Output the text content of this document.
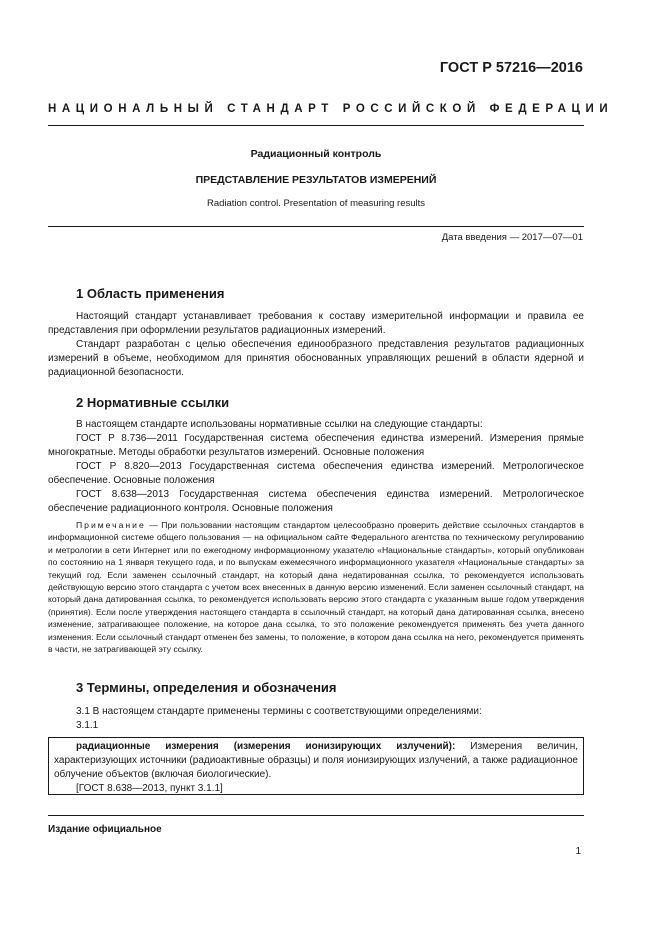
ГОСТ Р 57216—2016
НАЦИОНАЛЬНЫЙ СТАНДАРТ РОССИЙСКОЙ ФЕДЕРАЦИИ
Радиационный контроль
ПРЕДСТАВЛЕНИЕ РЕЗУЛЬТАТОВ ИЗМЕРЕНИЙ
Radiation control. Presentation of measuring results
Дата введения — 2017—07—01
1 Область применения

Настоящий стандарт устанавливает требования к составу измерительной информации и правила ее представления при оформлении результатов радиационных измерений.

Стандарт разработан с целью обеспечения единообразного представления результатов радиационных измерений в объеме, необходимом для принятия обоснованных управляющих решений в области ядерной и радиационной безопасности.

2 Нормативные ссылки

В настоящем стандарте использованы нормативные ссылки на следующие стандарты:

ГОСТ Р 8.736—2011 Государственная система обеспечения единства измерений. Измерения прямые многократные. Методы обработки результатов измерений. Основные положения

ГОСТ Р 8.820—2013 Государственная система обеспечения единства измерений. Метрологическое обеспечение. Основные положения

ГОСТ 8.638—2013 Государственная система обеспечения единства измерений. Метрологическое обеспечение радиационного контроля. Основные положения

Примечание — При пользовании настоящим стандартом целесообразно проверить действие ссылочных стандартов в информационной системе общего пользования — на официальном сайте Федерального агентства по техническому регулированию и метрологии в сети Интернет или по ежегодному информационному указателю «Национальные стандарты», который опубликован по состоянию на 1 января текущего года, и по выпускам ежемесячного информационного указателя «Национальные стандарты» за текущий год. Если заменен ссылочный стандарт, на который дана недатированная ссылка, то рекомендуется использовать действующую версию этого стандарта с учетом всех внесенных в данную версию изменений. Если заменен ссылочный стандарт, на который дана датированная ссылка, то рекомендуется использовать версию этого стандарта с указанным выше годом утверждения (принятия). Если после утверждения настоящего стандарта в ссылочный стандарт, на который дана датированная ссылка, внесено изменение, затрагивающее положение, на которое дана ссылка, то это положение рекомендуется применять без учета данного изменения. Если ссылочный стандарт отменен без замены, то положение, в котором дана ссылка на него, рекомендуется применять в части, не затрагивающей эту ссылку.

3 Термины, определения и обозначения

3.1 В настоящем стандарте применены термины с соответствующими определениями:

3.1.1

радиационные измерения (измерения ионизирующих излучений): Измерения величин, характеризующих источники (радиоактивные образцы) и поля ионизирующих излучений, а также радиационное облучение объектов (включая биологические).

[ГОСТ 8.638—2013, пункт 3.1.1]
Издание официальное
1
